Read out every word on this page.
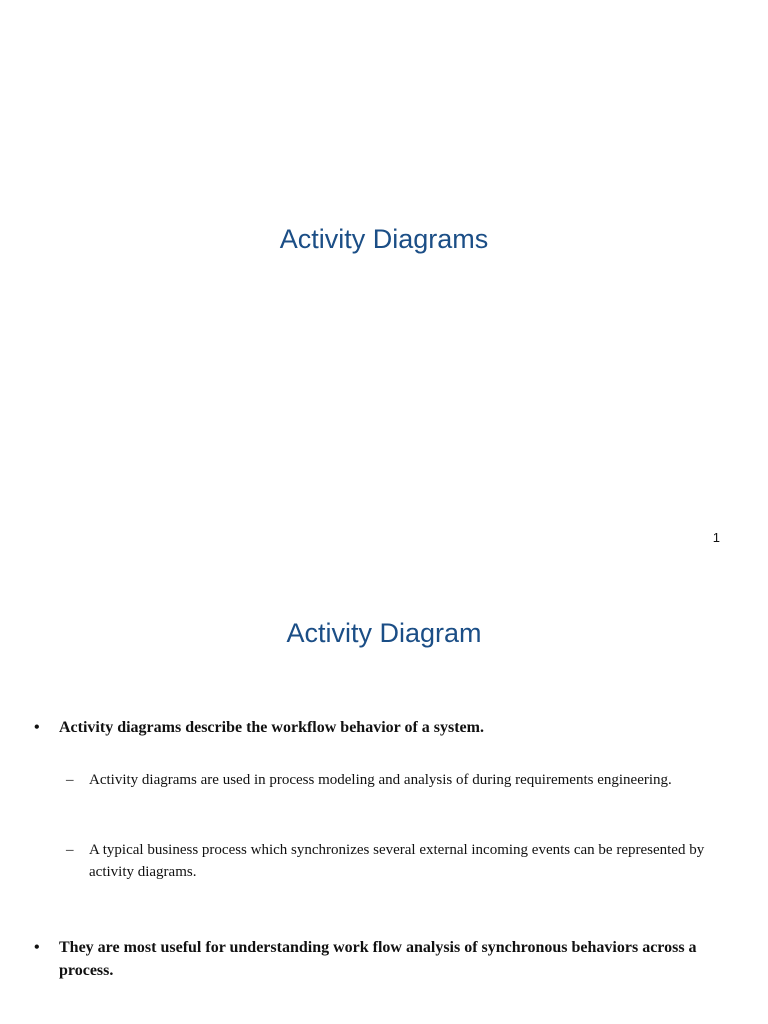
Activity Diagrams
1
Activity Diagram
• Activity diagrams describe the workflow behavior of a system.
– Activity diagrams are used in process modeling and analysis of during requirements engineering.
– A typical business process which synchronizes several external incoming events can be represented by activity diagrams.
• They are most useful for understanding work flow analysis of synchronous behaviors across a process.
